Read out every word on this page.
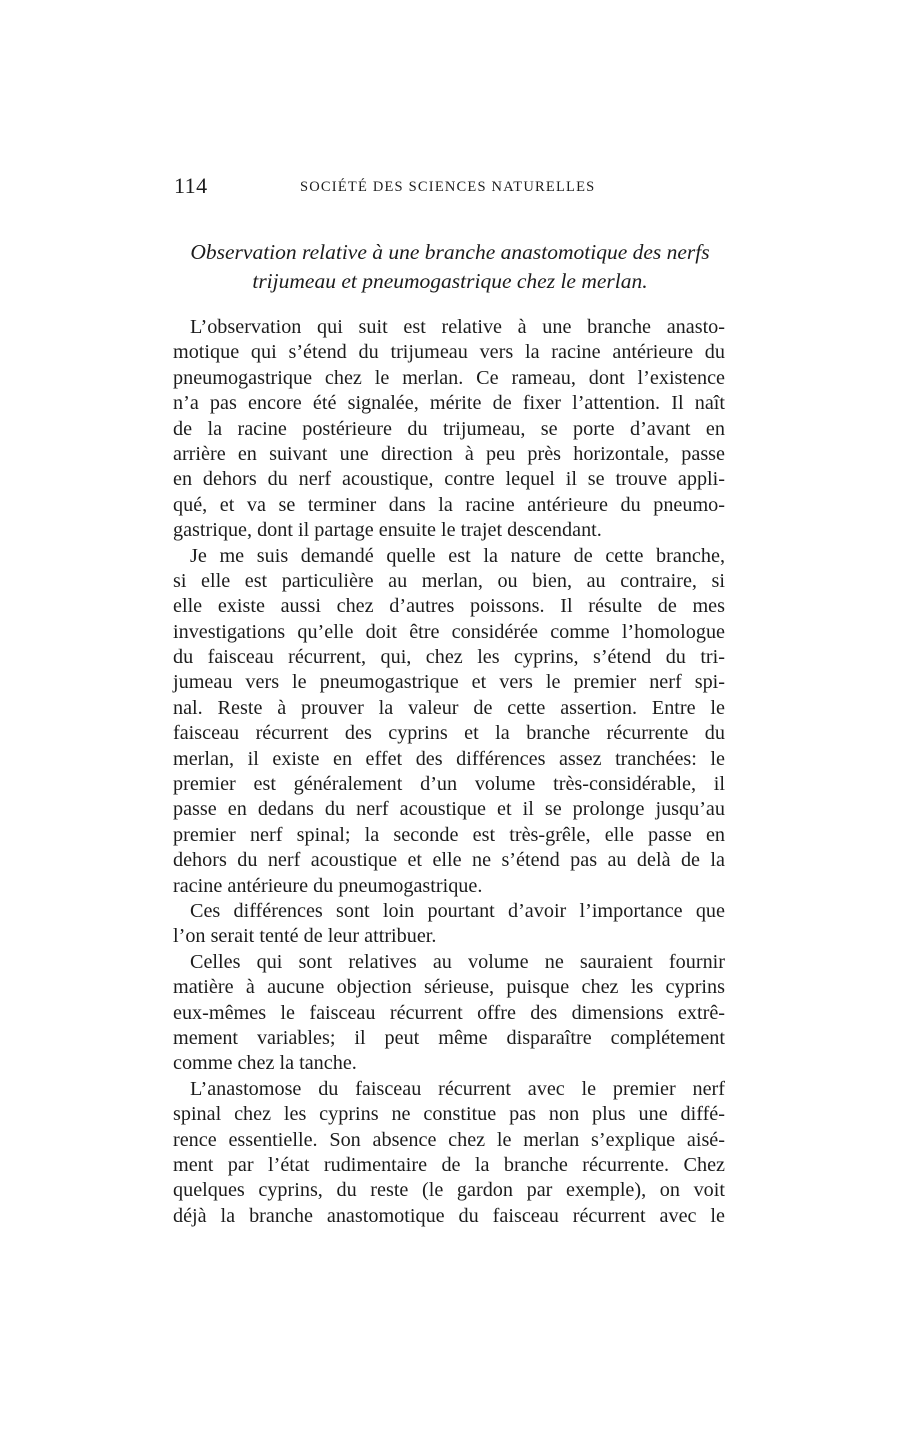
114	SOCIÉTÉ DES SCIENCES NATURELLES
Observation relative à une branche anastomotique des nerfs
trijumeau et pneumogastrique chez le merlan.
L’observation qui suit est relative à une branche anasto-
motique qui s’étend du trijumeau vers la racine antérieure du
pneumogastrique chez le merlan. Ce rameau, dont l’existence
n’a pas encore été signalée, mérite de fixer l’attention. Il naît
de la racine postérieure du trijumeau, se porte d’avant en
arrière en suivant une direction à peu près horizontale, passe
en dehors du nerf acoustique, contre lequel il se trouve appli-
qué, et va se terminer dans la racine antérieure du pneumo-
gastrique, dont il partage ensuite le trajet descendant.
Je me suis demandé quelle est la nature de cette branche,
si elle est particulière au merlan, ou bien, au contraire, si
elle existe aussi chez d’autres poissons. Il résulte de mes
investigations qu’elle doit être considérée comme l’homologue
du faisceau récurrent, qui, chez les cyprins, s’étend du tri-
jumeau vers le pneumogastrique et vers le premier nerf spi-
nal. Reste à prouver la valeur de cette assertion. Entre le
faisceau récurrent des cyprins et la branche récurrente du
merlan, il existe en effet des différences assez tranchées: le
premier est généralement d’un volume très-considérable, il
passe en dedans du nerf acoustique et il se prolonge jusqu’au
premier nerf spinal; la seconde est très-grêle, elle passe en
dehors du nerf acoustique et elle ne s’étend pas au delà de la
racine antérieure du pneumogastrique.
Ces différences sont loin pourtant d’avoir l’importance que
l’on serait tenté de leur attribuer.
Celles qui sont relatives au volume ne sauraient fournir
matière à aucune objection sérieuse, puisque chez les cyprins
eux-mêmes le faisceau récurrent offre des dimensions extrê-
mement variables; il peut même disparaître complétement
comme chez la tanche.
L’anastomose du faisceau récurrent avec le premier nerf
spinal chez les cyprins ne constitue pas non plus une diffé-
rence essentielle. Son absence chez le merlan s’explique aisé-
ment par l’état rudimentaire de la branche récurrente. Chez
quelques cyprins, du reste (le gardon par exemple), on voit
déjà la branche anastomotique du faisceau récurrent avec le
